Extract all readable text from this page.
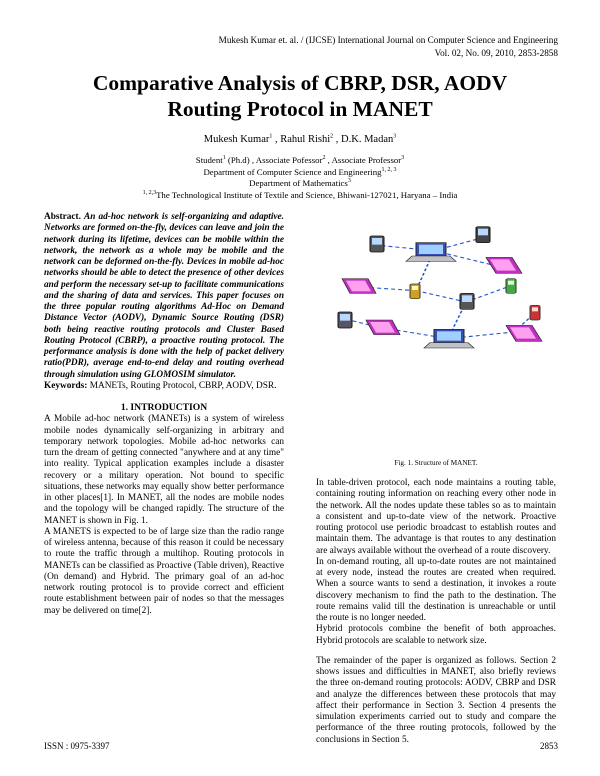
Mukesh Kumar et. al. / (IJCSE) International Journal on Computer Science and Engineering
Vol. 02, No. 09, 2010, 2853-2858
Comparative Analysis of CBRP, DSR, AODV
Routing Protocol in MANET
Mukesh Kumar$^1$ , Rahul Rishi$^2$ , D.K. Madan$^3$
Student$^1$ (Ph.d) , Associate Pofessor$^2$ , Associate Professor$^3$
Department of Computer Science and Engineering$^{1, 2, 3}$
Department of Mathematics$^3$
$^{1, 2,3}$The Technological Institute of Textile and Science, Bhiwani-127021, Haryana – India

Abstract. An ad-hoc network is self-organizing and adaptive. Networks are formed on-the-fly, devices can leave and join the network during its lifetime, devices can be mobile within the network, the network as a whole may be mobile and the network can be deformed on-the-fly. Devices in mobile ad-hoc networks should be able to detect the presence of other devices and perform the necessary set-up to facilitate communications and the sharing of data and services. This paper focuses on the three popular routing algorithms Ad-Hoc on Demand Distance Vector (AODV), Dynamic Source Routing (DSR) both being reactive routing protocols and Cluster Based Routing Protocol (CBRP), a proactive routing protocol. The performance analysis is done with the help of packet delivery ratio(PDR), average end-to-end delay and routing overhead through simulation using GLOMOSIM simulator.

Keywords: MANETs, Routing Protocol, CBRP, AODV, DSR.

1. INTRODUCTION

A Mobile ad-hoc network (MANETs) is a system of wireless mobile nodes dynamically self-organizing in arbitrary and temporary network topologies. Mobile ad-hoc networks can turn the dream of getting connected "anywhere and at any time" into reality. Typical application examples include a disaster recovery or a military operation. Not bound to specific situations, these networks may equally show better performance in other places[1]. In MANET, all the nodes are mobile nodes and the topology will be changed rapidly. The structure of the MANET is shown in Fig. 1.

A MANETS is expected to be of large size than the radio range of wireless antenna, because of this reason it could be necessary to route the traffic through a multihop. Routing protocols in MANETs can be classified as Proactive (Table driven), Reactive (On demand) and Hybrid. The primary goal of an ad-hoc network routing protocol is to provide correct and efficient route establishment between pair of nodes so that the messages may be delivered on time[2].

Fig. 1. Structure of MANET.

In table-driven protocol, each node maintains a routing table, containing routing information on reaching every other node in the network. All the nodes update these tables so as to maintain a consistent and up-to-date view of the network. Proactive routing protocol use periodic broadcast to establish routes and maintain them. The advantage is that routes to any destination are always available without the overhead of a route discovery.

In on-demand routing, all up-to-date routes are not maintained at every node, instead the routes are created when required. When a source wants to send a destination, it invokes a route discovery mechanism to find the path to the destination. The route remains valid till the destination is unreachable or until the route is no longer needed.

Hybrid protocols combine the benefit of both approaches. Hybrid protocols are scalable to network size.

The remainder of the paper is organized as follows. Section 2 shows issues and difficulties in MANET, also briefly reviews the three on-demand routing protocols: AODV, CBRP and DSR and analyze the differences between these protocols that may affect their performance in Section 3. Section 4 presents the simulation experiments carried out to study and compare the performance of the three routing protocols, followed by the conclusions in Section 5.

ISSN : 0975-3397	2853
